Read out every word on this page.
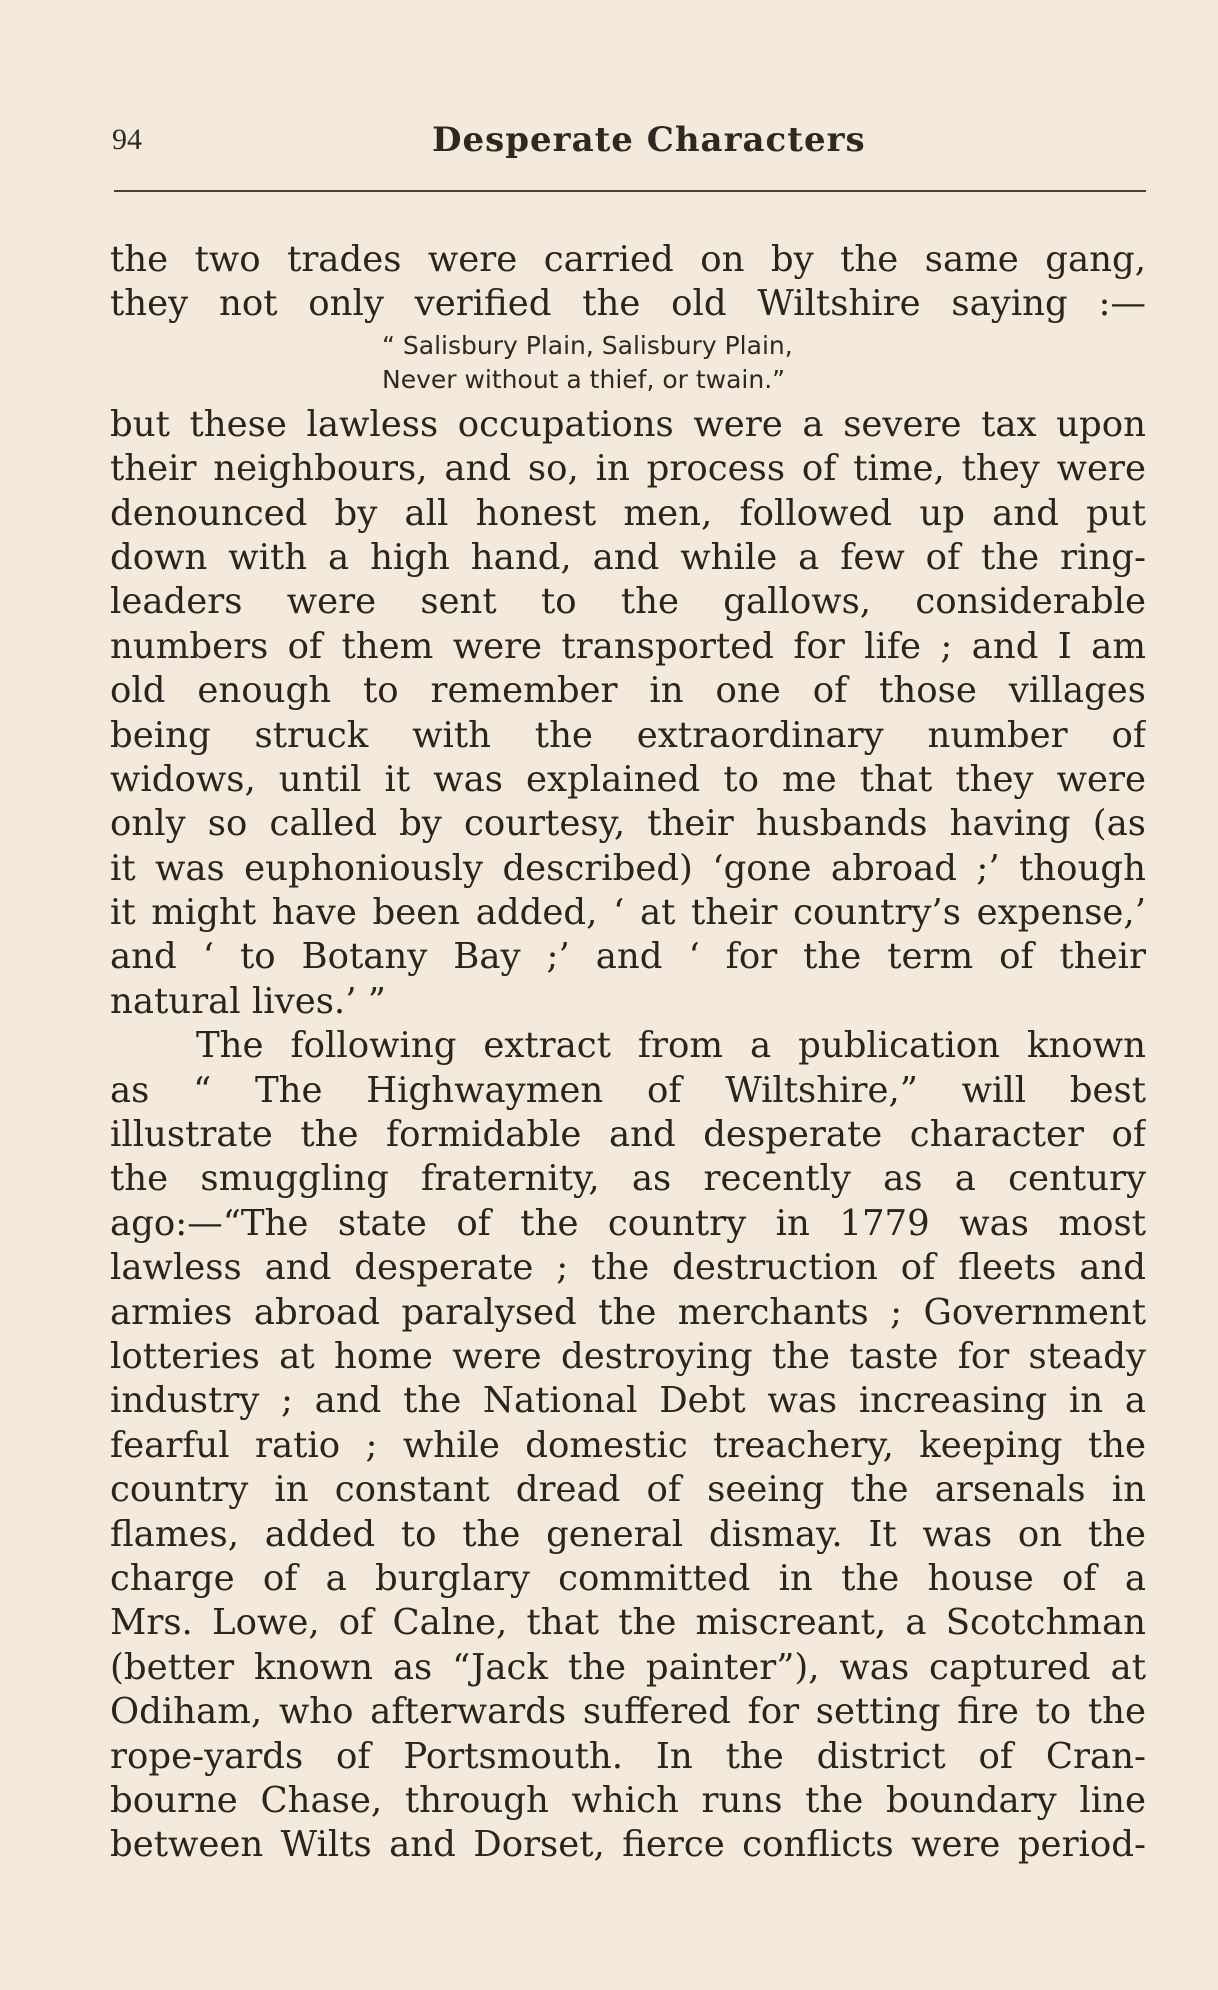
94	Desperate Characters
the two trades were carried on by the same gang,
they not only verified the old Wiltshire saying :—
“ Salisbury Plain, Salisbury Plain,
Never without a thief, or twain.”
but these lawless occupations were a severe tax upon
their neighbours, and so, in process of time, they were
denounced by all honest men, followed up and put
down with a high hand, and while a few of the ring-
leaders were sent to the gallows, considerable
numbers of them were transported for life ; and I am
old enough to remember in one of those villages
being struck with the extraordinary number of
widows, until it was explained to me that they were
only so called by courtesy, their husbands having (as
it was euphoniously described) ‘gone abroad ;’ though
it might have been added, ‘ at their country’s expense,’
and ‘ to Botany Bay ;’ and ‘ for the term of their
natural lives.’ ”
The following extract from a publication known
as “ The Highwaymen of Wiltshire,” will best
illustrate the formidable and desperate character of
the smuggling fraternity, as recently as a century
ago:—“The state of the country in 1779 was most
lawless and desperate ; the destruction of fleets and
armies abroad paralysed the merchants ; Government
lotteries at home were destroying the taste for steady
industry ; and the National Debt was increasing in a
fearful ratio ; while domestic treachery, keeping the
country in constant dread of seeing the arsenals in
flames, added to the general dismay. It was on the
charge of a burglary committed in the house of a
Mrs. Lowe, of Calne, that the miscreant, a Scotchman
(better known as “Jack the painter”), was captured at
Odiham, who afterwards suffered for setting fire to the
rope-yards of Portsmouth. In the district of Cran-
bourne Chase, through which runs the boundary line
between Wilts and Dorset, fierce conflicts were period-
